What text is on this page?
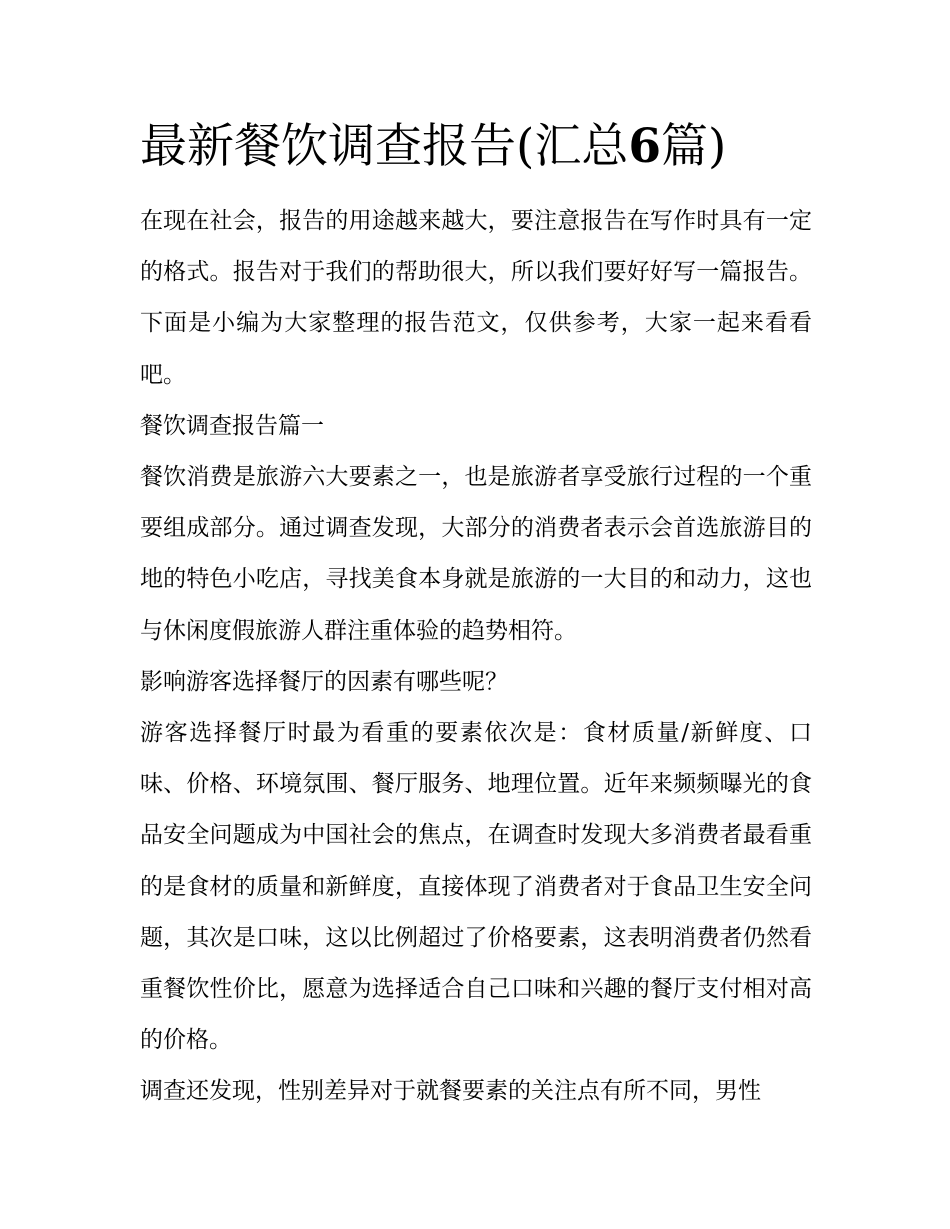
最新餐饮调查报告(汇总6篇)

在现在社会，报告的用途越来越大，要注意报告在写作时具有一定的格式。报告对于我们的帮助很大，所以我们要好好写一篇报告。下面是小编为大家整理的报告范文，仅供参考，大家一起来看看吧。

餐饮调查报告篇一

餐饮消费是旅游六大要素之一，也是旅游者享受旅行过程的一个重要组成部分。通过调查发现，大部分的消费者表示会首选旅游目的地的特色小吃店，寻找美食本身就是旅游的一大目的和动力，这也与休闲度假旅游人群注重体验的趋势相符。

影响游客选择餐厅的因素有哪些呢？

游客选择餐厅时最为看重的要素依次是：食材质量/新鲜度、口味、价格、环境氛围、餐厅服务、地理位置。近年来频频曝光的食品安全问题成为中国社会的焦点，在调查时发现大多消费者最看重的是食材的质量和新鲜度，直接体现了消费者对于食品卫生安全问题，其次是口味，这以比例超过了价格要素，这表明消费者仍然看重餐饮性价比，愿意为选择适合自己口味和兴趣的餐厅支付相对高的价格。

调查还发现，性别差异对于就餐要素的关注点有所不同，男性
